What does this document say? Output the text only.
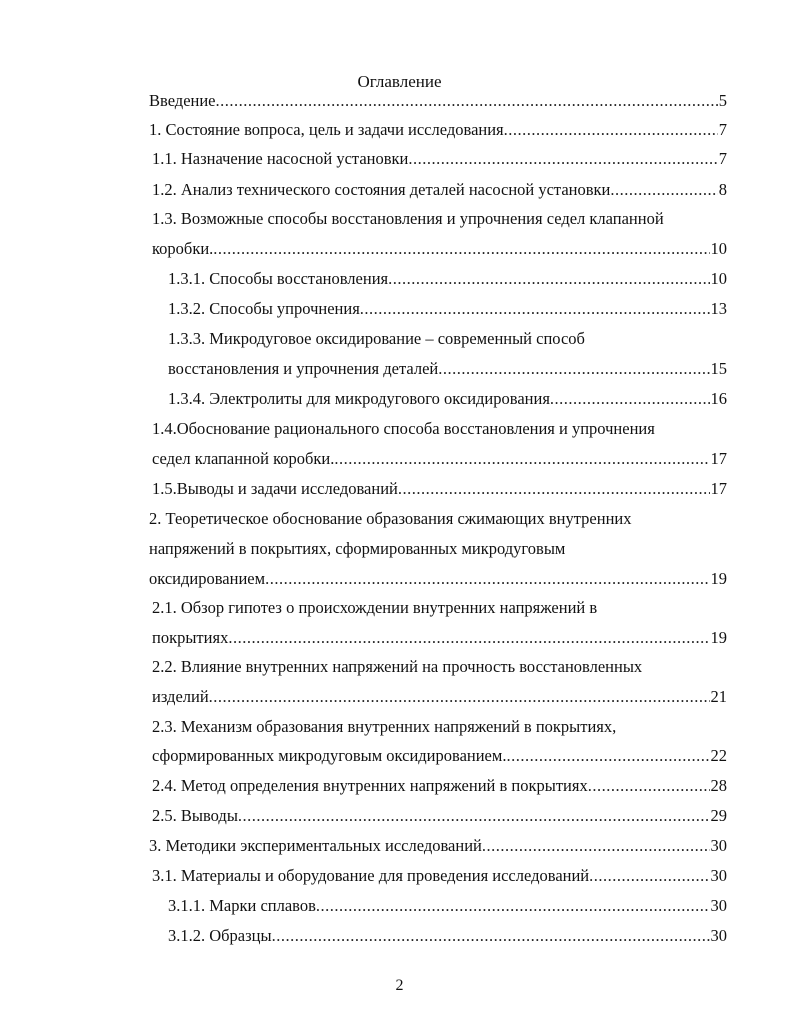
Оглавление
Введение .....	5
1. Состояние вопроса, цель и задачи исследования .....	7
1.1. Назначение насосной установки .....	7
1.2. Анализ технического состояния деталей насосной установки .....	8
1.3. Возможные способы восстановления и упрочнения седел клапанной
коробки. .....	10
1.3.1. Способы восстановления .....	10
1.3.2. Способы упрочнения .....	13
1.3.3. Микродуговое оксидирование – современный способ
восстановления и упрочнения деталей .....	15
1.3.4. Электролиты для микродугового оксидирования .....	16
1.4.Обоснование рационального способа восстановления и упрочнения
седел клапанной коробки. .....	17
1.5.Выводы и задачи исследований .....	17
2. Теоретическое обоснование образования сжимающих внутренних
напряжений в покрытиях, сформированных микродуговым
оксидированием .....	19
2.1. Обзор гипотез о происхождении внутренних напряжений в
покрытиях .....	19
2.2. Влияние внутренних напряжений на прочность восстановленных
изделий .....	21
2.3. Механизм образования внутренних напряжений в покрытиях,
сформированных микродуговым оксидированием. .....	22
2.4. Метод определения внутренних напряжений в покрытиях .....	28
2.5. Выводы .....	29
3. Методики экспериментальных исследований .....	30
3.1. Материалы и оборудование для проведения исследований .....	30
3.1.1. Марки сплавов .....	30
3.1.2. Образцы .....	30
2
